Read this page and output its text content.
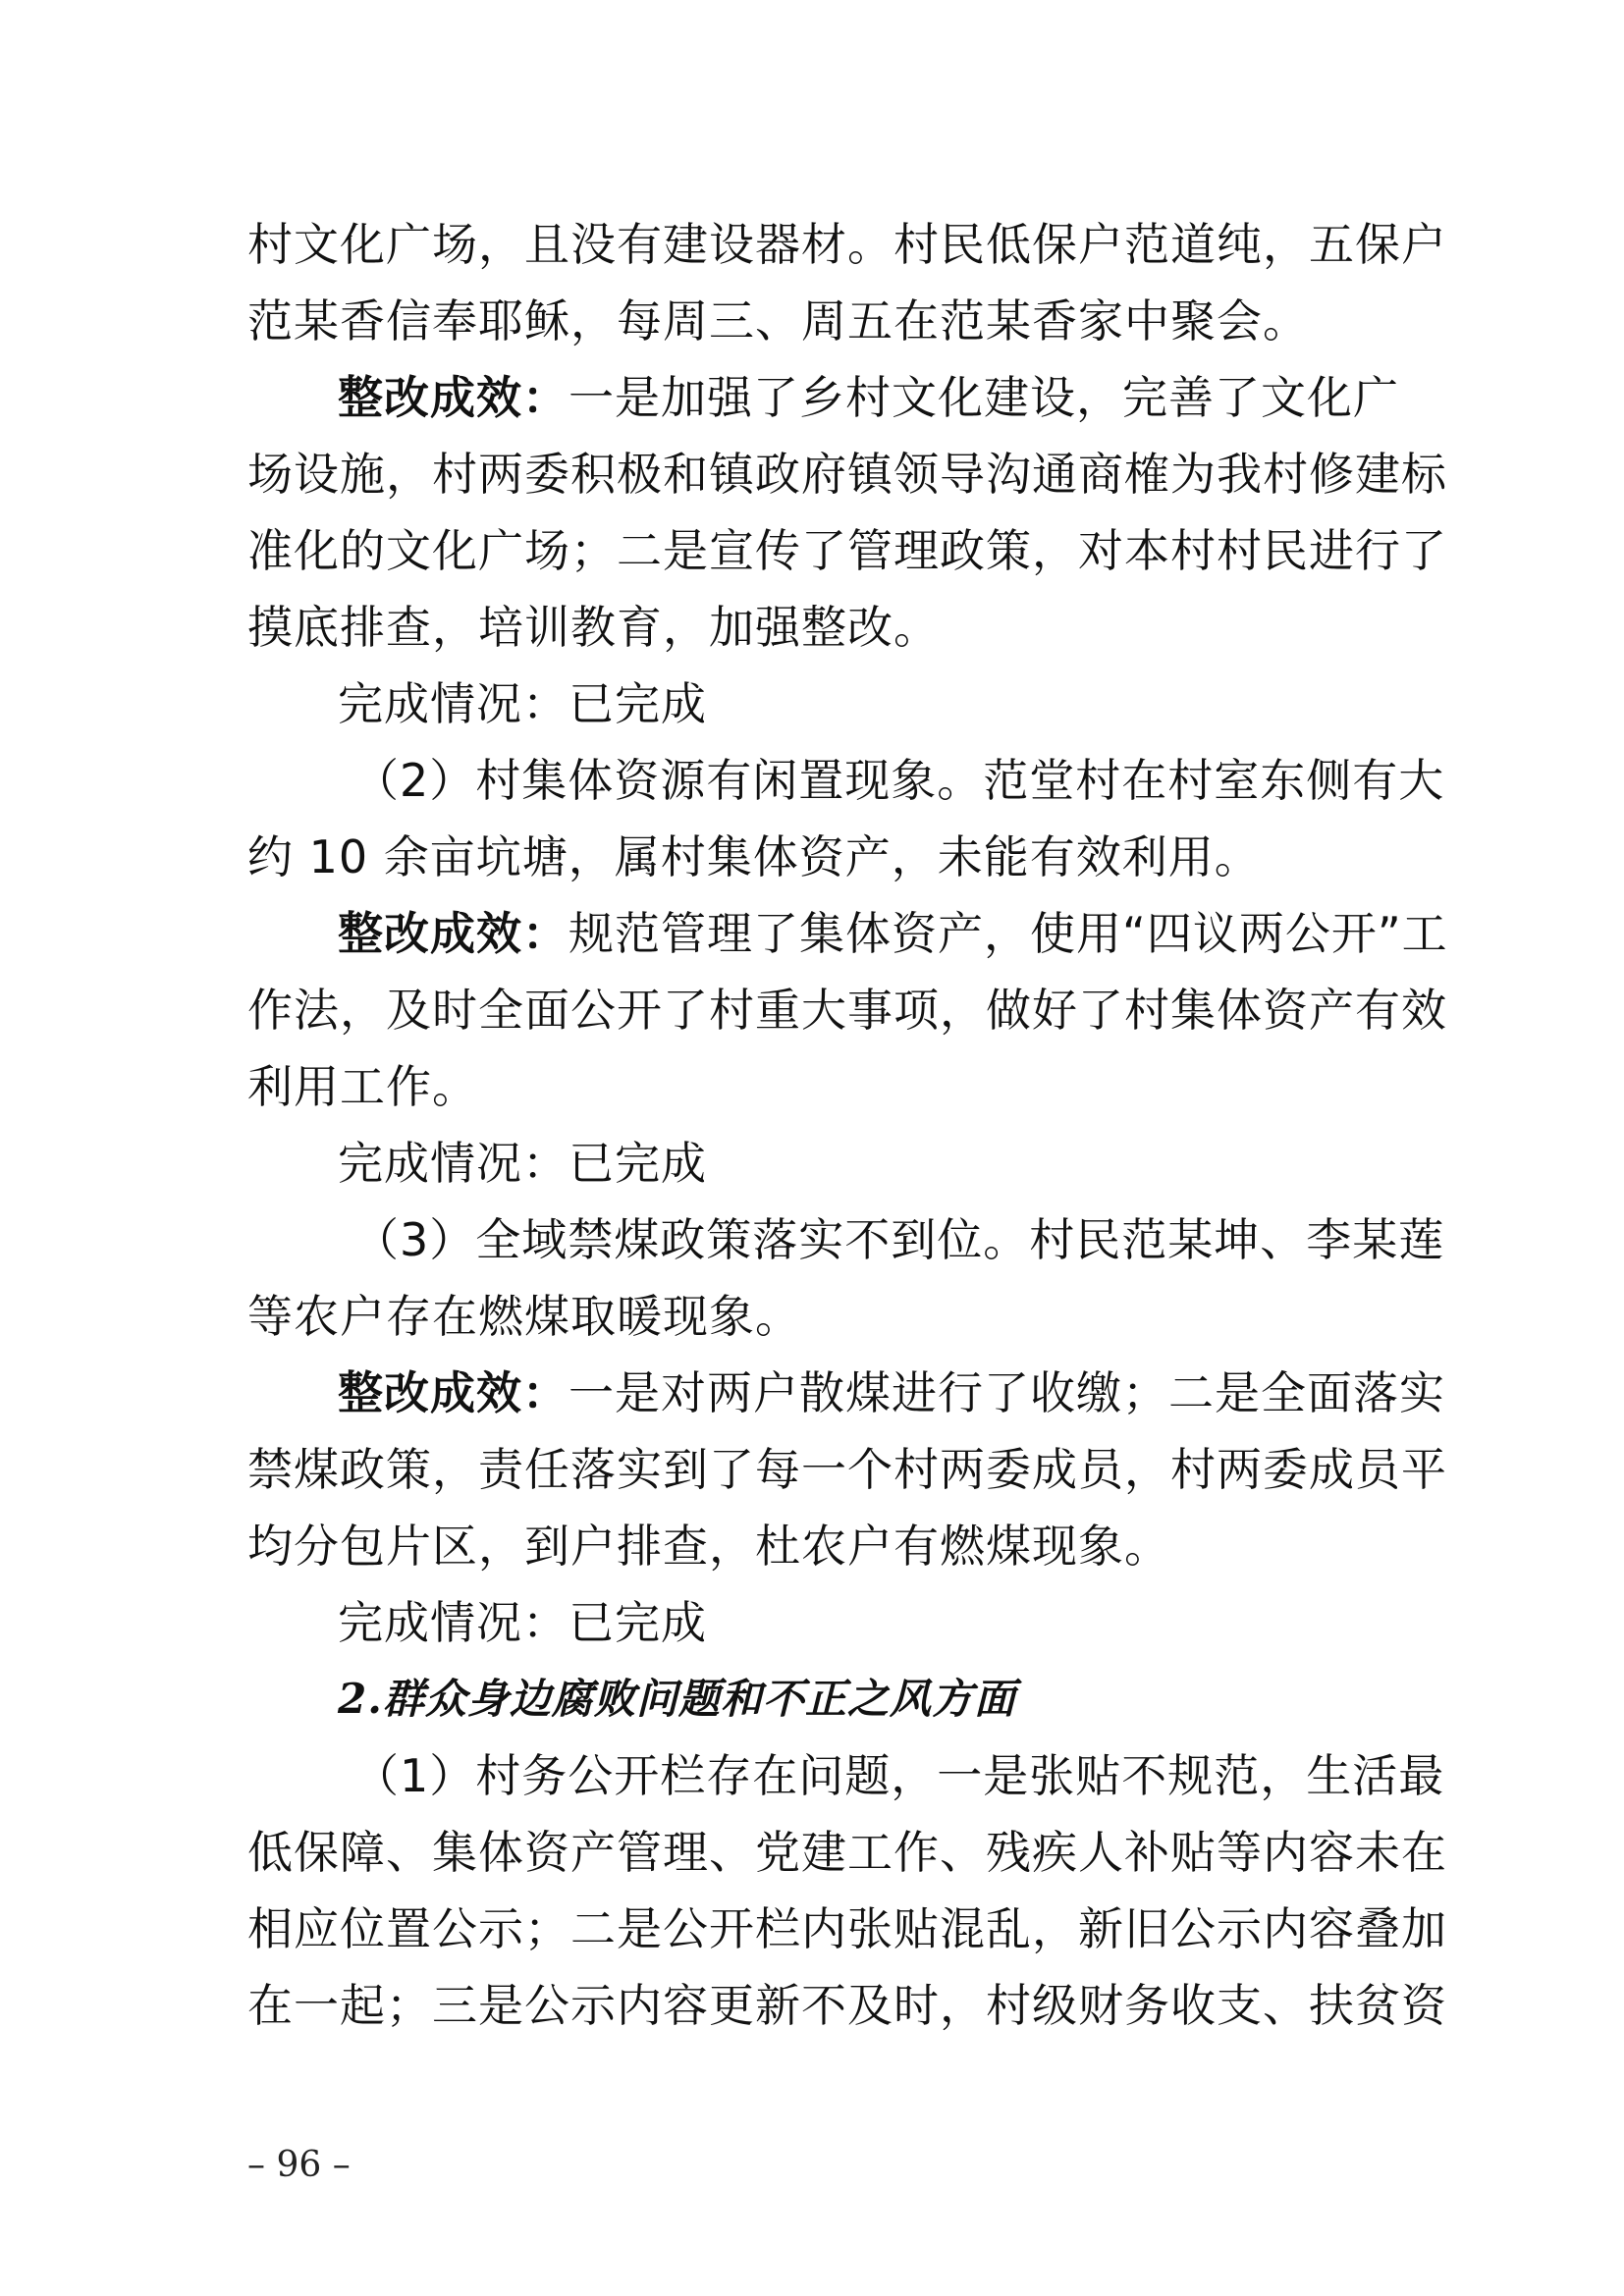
村文化广场，且没有建设器材。村民低保户范道纯，五保户
范某香信奉耶稣，每周三、周五在范某香家中聚会。
整改成效：一是加强了乡村文化建设，完善了文化广
场设施，村两委积极和镇政府镇领导沟通商榷为我村修建标
准化的文化广场；二是宣传了管理政策，对本村村民进行了
摸底排查，培训教育，加强整改。
完成情况：已完成
（2）村集体资源有闲置现象。范堂村在村室东侧有大
约 10 余亩坑塘，属村集体资产，未能有效利用。
整改成效：规范管理了集体资产，使用“四议两公开”工
作法，及时全面公开了村重大事项，做好了村集体资产有效
利用工作。
完成情况：已完成
（3）全域禁煤政策落实不到位。村民范某坤、李某莲
等农户存在燃煤取暖现象。
整改成效：一是对两户散煤进行了收缴；二是全面落实
禁煤政策，责任落实到了每一个村两委成员，村两委成员平
均分包片区，到户排查，杜农户有燃煤现象。
完成情况：已完成
2.群众身边腐败问题和不正之风方面
（1）村务公开栏存在问题，一是张贴不规范，生活最
低保障、集体资产管理、党建工作、残疾人补贴等内容未在
相应位置公示；二是公开栏内张贴混乱，新旧公示内容叠加
在一起；三是公示内容更新不及时，村级财务收支、扶贫资
– 96 –
